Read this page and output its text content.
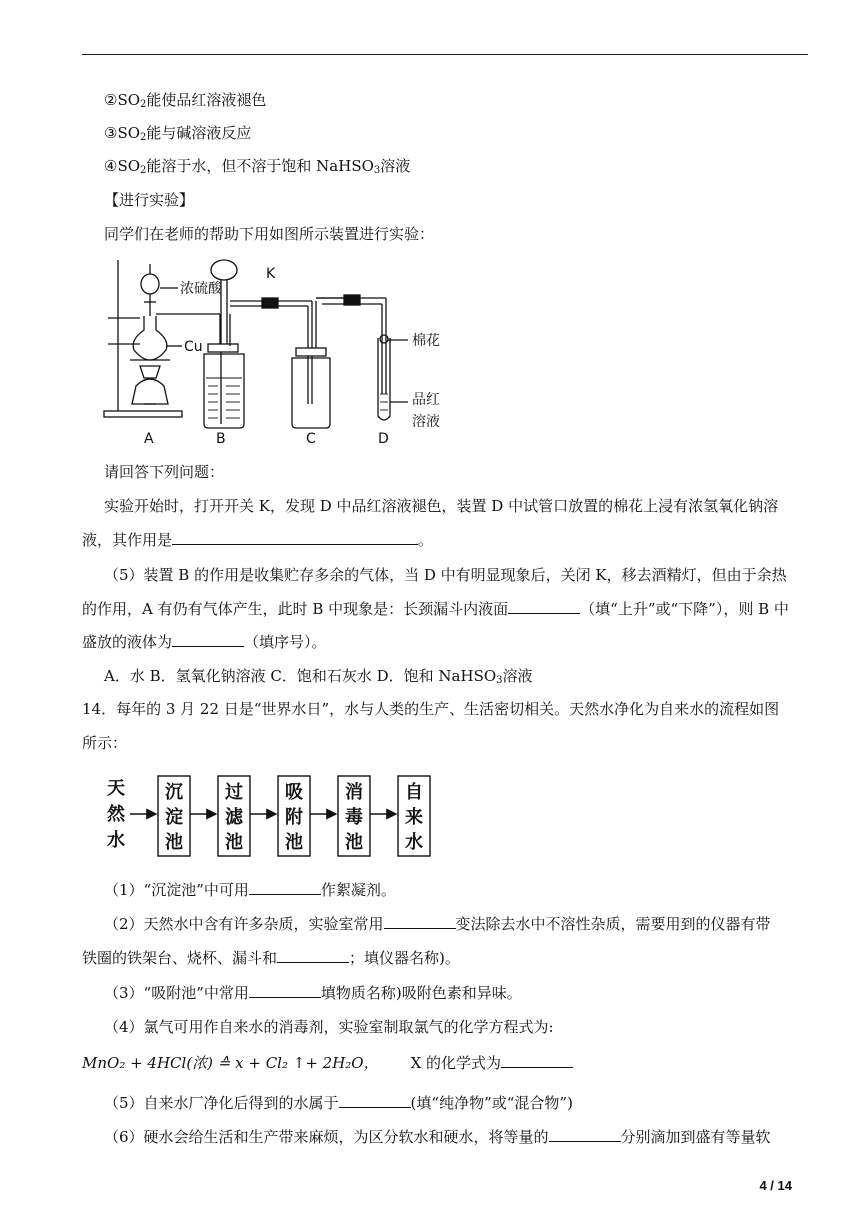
$②SO_2$能使品红溶液褪色
$③SO_2$能与碱溶液反应
$④SO_2$能溶于水，但不溶于饱和 NaHSO$_3$溶液
【进行实验】
同学们在老师的帮助下用如图所示装置进行实验：
浓硫酸
Cu
K
棉花
品红
溶液
A	B	C	D
请回答下列问题：
实验开始时，打开开关 K，发现 D 中品红溶液褪色，装置 D 中试管口放置的棉花上浸有浓氢氧化钠溶
液，其作用是	。
（5）装置 B 的作用是收集贮存多余的气体，当 D 中有明显现象后，关闭 K，移去酒精灯，但由于余热
的作用，A 有仍有气体产生，此时 B 中现象是：长颈漏斗内液面	（填“上升”或“下降”），则 B 中
盛放的液体为	（填序号）。
A．水 B．氢氧化钠溶液 C．饱和石灰水 D．饱和 NaHSO$_3$溶液
14．每年的 3 月 22 日是“世界水日”，水与人类的生产、生活密切相关。天然水净化为自来水的流程如图
所示：
天
然
水
沉
淀
池
过
滤
池
吸
附
池
消
毒
池
自
来
水
（1）“沉淀池”中可用	作絮凝剂。
（2）天然水中含有许多杂质，实验室常用	变法除去水中不溶性杂质，需要用到的仪器有带
铁圈的铁架台、烧杯、漏斗和	；填仪器名称)。
（3）“吸附池”中常用	填物质名称)吸附色素和异味。
（4）氯气可用作自来水的消毒剂，实验室制取氯气的化学方程式为:
MnO₂ + 4HCl(浓) ≙ x + Cl₂ ↑+ 2H₂O， X 的化学式为
（5）自来水厂净化后得到的水属于	(填“纯净物”或“混合物”)
（6）硬水会给生活和生产带来麻烦，为区分软水和硬水，将等量的	分别滴加到盛有等量软
4 / 14
